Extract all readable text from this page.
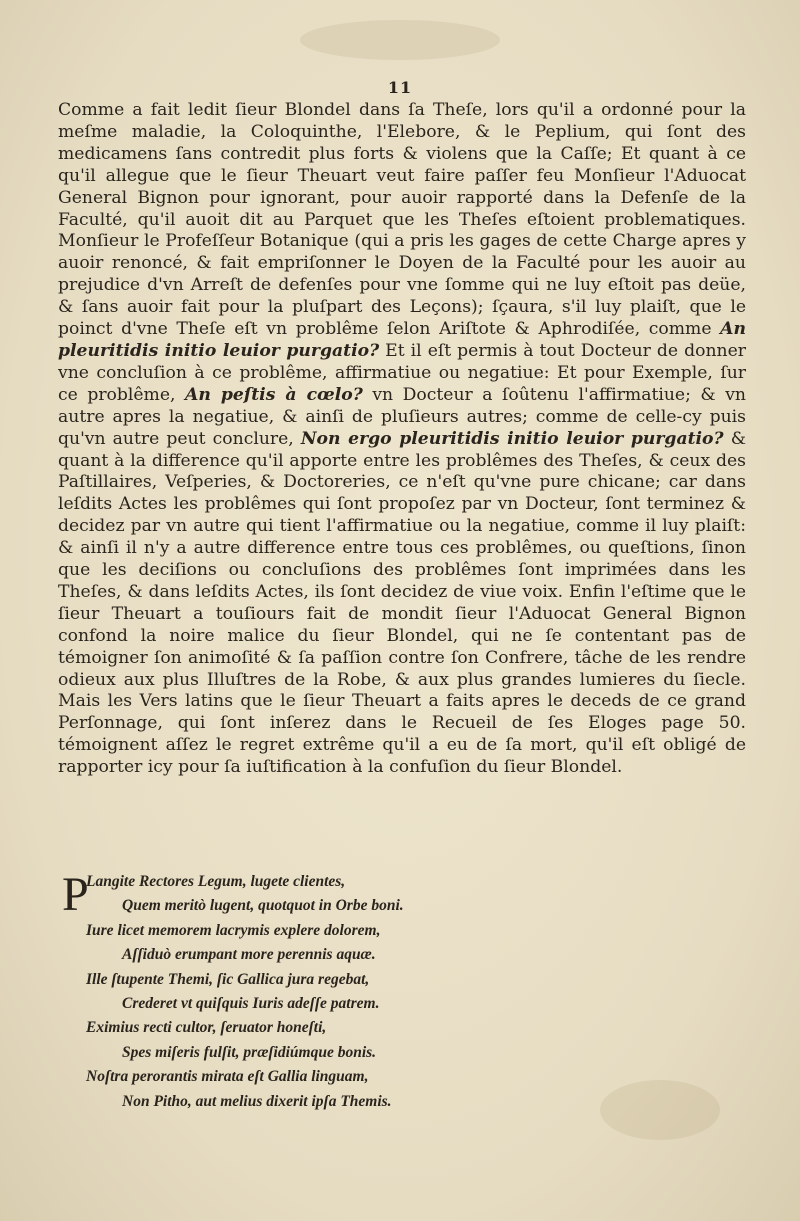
11

Comme a fait ledit ſieur Blondel dans ſa Theſe, lors qu'il a ordonné pour la meſme maladie, la Coloquinthe, l'Elebore, & le Peplium, qui ſont des medicamens ſans contredit plus forts & violens que la Caſſe; Et quant à ce qu'il allegue que le ſieur Theuart veut faire paſſer feu Monſieur l'Aduocat General Bignon pour ignorant, pour auoir rapporté dans la Defenſe de la Faculté, qu'il auoit dit au Parquet que les Theſes eſtoient problematiques. Monſieur le Profeſſeur Botanique (qui a pris les gages de cette Charge apres y auoir renoncé, & fait empriſonner le Doyen de la Faculté pour les auoir au prejudice d'vn Arreſt de defenſes pour vne ſomme qui ne luy eſtoit pas deüe, & ſans auoir fait pour la pluſpart des Leçons); ſçaura, s'il luy plaiſt, que le poinct d'vne Theſe eſt vn problême ſelon Ariſtote & Aphrodiſée, comme An pleuritidis initio leuior purgatio? Et il eſt permis à tout Docteur de donner vne concluſion à ce problême, affirmatiue ou negatiue: Et pour Exemple, ſur ce problême, An peſtis à cœlo? vn Docteur a ſoûtenu l'affirmatiue; & vn autre apres la negatiue, & ainſi de pluſieurs autres; comme de celle-cy puis qu'vn autre peut conclure, Non ergo pleuritidis initio leuior purgatio? & quant à la difference qu'il apporte entre les problêmes des Theſes, & ceux des Paſtillaires, Veſperies, & Doctoreries, ce n'eſt qu'vne pure chicane; car dans leſdits Actes les problêmes qui ſont propoſez par vn Docteur, ſont terminez & decidez par vn autre qui tient l'affirmatiue ou la negatiue, comme il luy plaiſt: & ainſi il n'y a autre difference entre tous ces problêmes, ou queſtions, ſinon que les deciſions ou concluſions des problêmes ſont imprimées dans les Theſes, & dans leſdits Actes, ils ſont decidez de viue voix. Enfin l'eſtime que le ſieur Theuart a touſiours fait de mondit ſieur l'Aduocat General Bignon confond la noire malice du ſieur Blondel, qui ne ſe contentant pas de témoigner ſon animoſité & ſa paſſion contre ſon Confrere, tâche de les rendre odieux aux plus Illuſtres de la Robe, & aux plus grandes lumieres du ſiecle. Mais les Vers latins que le ſieur Theuart a faits apres le deceds de ce grand Perſonnage, qui ſont inſerez dans le Recueil de ſes Eloges page 50. témoignent aſſez le regret extrême qu'il a eu de ſa mort, qu'il eſt obligé de rapporter icy pour ſa iuſtification à la confuſion du ſieur Blondel.

P
Langite Rectores Legum, lugete clientes,
Quem meritò lugent, quotquot in Orbe boni.
Iure licet memorem lacrymis explere dolorem,
Aſſiduò erumpant more perennis aquæ.
Ille ſtupente Themi, ſic Gallica jura regebat,
Crederet vt quiſquis Iuris adeſſe patrem.
Eximius recti cultor, ſeruator honeſti,
Spes miſeris fulſit, præſidiúmque bonis.
Noſtra perorantis mirata eſt Gallia linguam,
Non Pitho, aut melius dixerit ipſa Themis.
